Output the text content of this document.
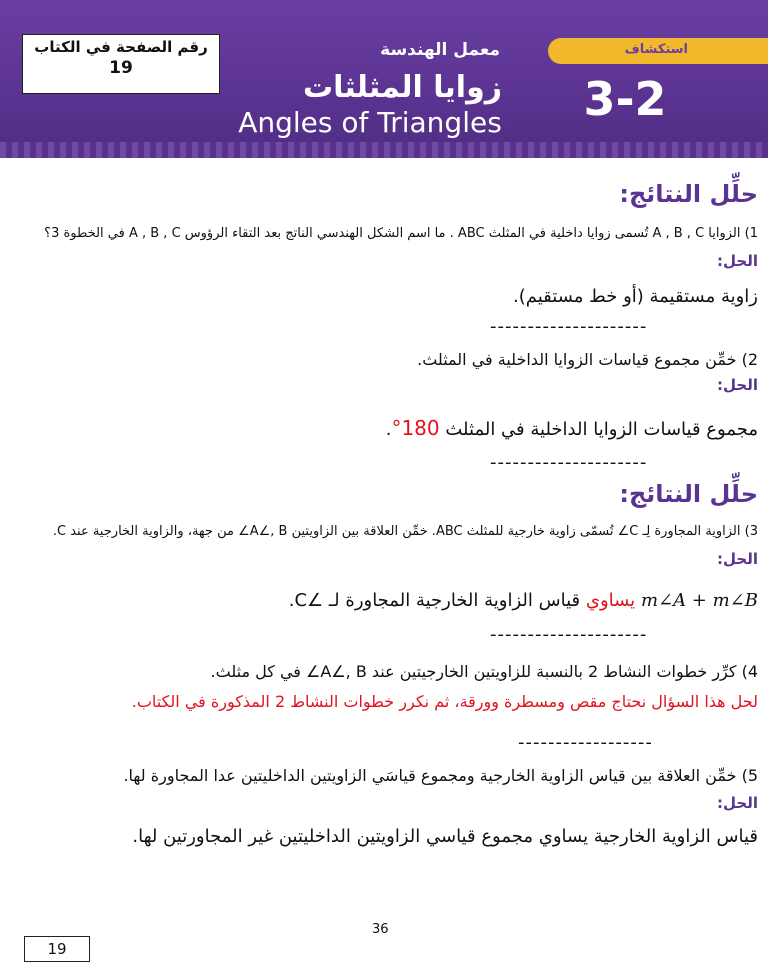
رقم الصفحة في الكتاب
19
معمل الهندسة
زوايا المثلثات
Angles of Triangles
استكشاف
3-2
حلِّل النتائج:
1) الزوايا A , B , C تُسمى زوايا داخلية في المثلث ABC . ما اسم الشكل الهندسي الناتج بعد التقاء الرؤوس A , B , C في الخطوة 3؟
الحل:
زاوية مستقيمة (أو خط مستقيم).
---------------------
2) خمِّن مجموع قياسات الزوايا الداخلية في المثلث.
الحل:
مجموع قياسات الزوايا الداخلية في المثلث 180°.
---------------------
حلِّل النتائج:
3) الزاوية المجاورة لِـ C∠ تُسمّى زاوية خارجية للمثلث ABC. خمِّن العلاقة بين الزاويتين A∠, B∠ من جهة، والزاوية الخارجية عند C.
الحل:
m∠A + m∠B يساوي قياس الزاوية الخارجية المجاورة لـ ∠C.
---------------------
4) كرِّر خطوات النشاط 2 بالنسبة للزاويتين الخارجيتين عند A∠, B∠ في كل مثلث.
لحل هذا السؤال نحتاج مقص ومسطرة وورقة، ثم نكرر خطوات النشاط 2 المذكورة في الكتاب.
------------------
5) خمِّن العلاقة بين قياس الزاوية الخارجية ومجموع قياسَي الزاويتين الداخليتين عدا المجاورة لها.
الحل:
قياس الزاوية الخارجية يساوي مجموع قياسي الزاويتين الداخليتين غير المجاورتين لها.
36
19
